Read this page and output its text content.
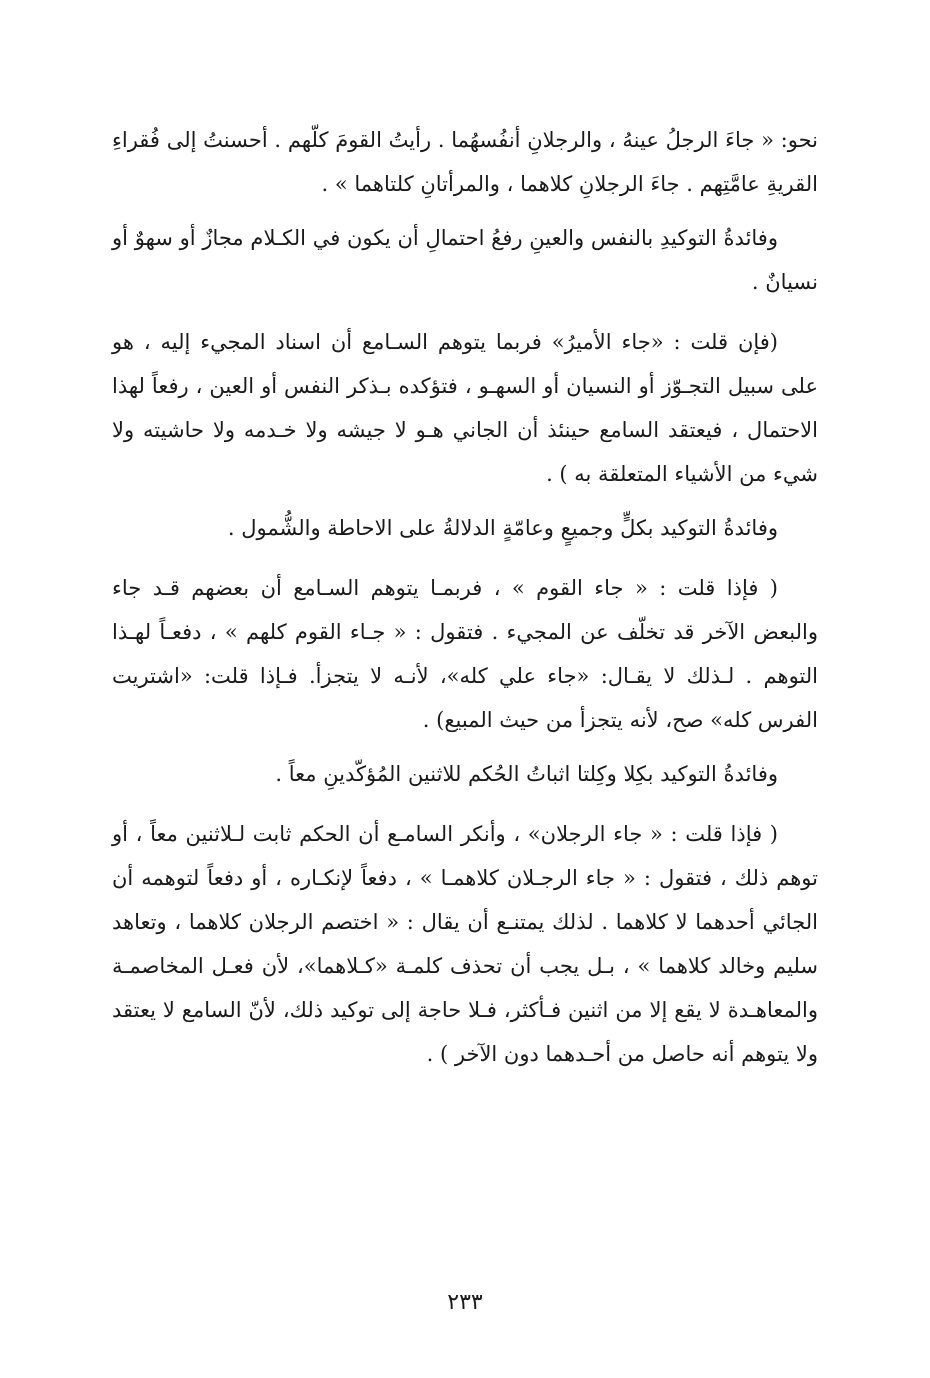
نحو: « جاءَ الرجلُ عينهُ ، والرجلانِ أنفُسهُما . رأيتُ القومَ كلّهم . أحسنتُ إلى فُقراءِ القريةِ عامَّتِهم . جاءَ الرجلانِ كلاهما ، والمرأتانِ كلتاهما » .

وفائدةُ التوكيدِ بالنفس والعينِ رفعُ احتمالِ أن يكون في الكـلام مجازٌ أو سهوٌ أو نسيانٌ .

(فإن قلت : «جاء الأميرُ» فربما يتوهم السـامع أن اسناد المجيء إليه ، هو على سبيل التجـوّز أو النسيان أو السهـو ، فتؤكده بـذكر النفس أو العين ، رفعاً لهذا الاحتمال ، فيعتقد السامع حينئذ أن الجاني هـو لا جيشه ولا خـدمه ولا حاشيته ولا شيء من الأشياء المتعلقة به ) .

وفائدةُ التوكيد بكلٍّ وجميعٍ وعامّةٍ الدلالةُ على الاحاطة والشُّمول .

( فإذا قلت : « جاء القوم » ، فربمـا يتوهم السـامع أن بعضهم قـد جاء والبعض الآخر قد تخلّف عن المجيء . فتقول : « جـاء القوم كلهم » ، دفعـاً لهـذا التوهم . لـذلك لا يقـال: «جاء علي كله»، لأنـه لا يتجزأ. فـإذا قلت: «اشتريت الفرس كله» صح، لأنه يتجزأ من حيث المبيع) .

وفائدةُ التوكيد بكِلا وكِلتا اثباتُ الحُكم للاثنين المُؤكّدينِ معاً .

( فإذا قلت : « جاء الرجلان» ، وأنكر السامـع أن الحكم ثابت لـلاثنين معاً ، أو توهم ذلك ، فتقول : « جاء الرجـلان كلاهمـا » ، دفعاً لإنكـاره ، أو دفعاً لتوهمه أن الجائي أحدهما لا كلاهما . لذلك يمتنـع أن يقال : « اختصم الرجلان كلاهما ، وتعاهد سليم وخالد كلاهما » ، بـل يجب أن تحذف كلمـة «كـلاهما»، لأن فعـل المخاصمـة والمعاهـدة لا يقع إلا من اثنين فـأكثر، فـلا حاجة إلى توكيد ذلك، لأنّ السامع لا يعتقد ولا يتوهم أنه حاصل من أحـدهما دون الآخر ) .

٢٣٣
